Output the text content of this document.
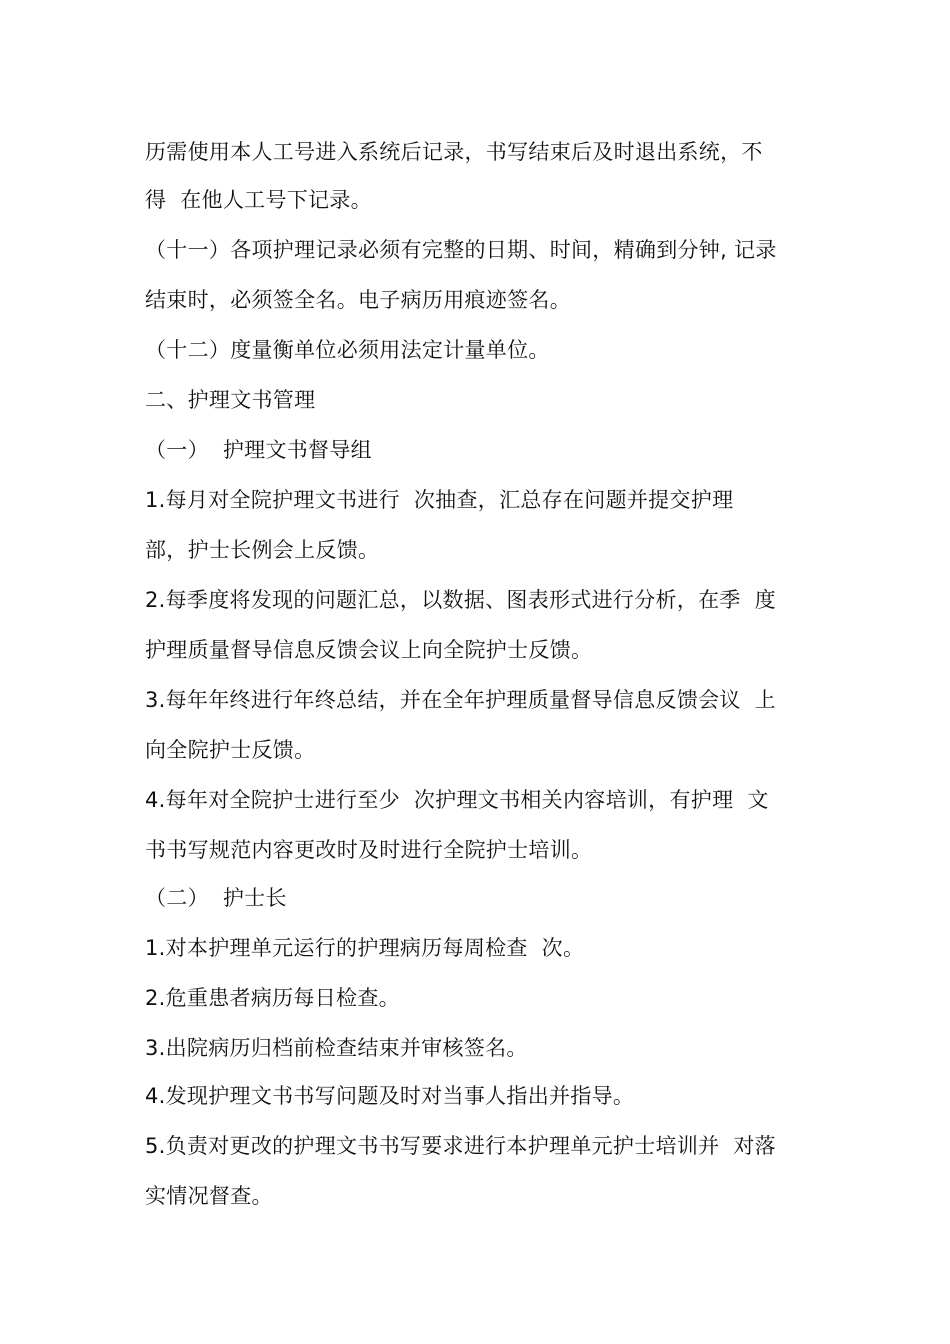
历需使用本人工号进入系统后记录，书写结束后及时退出系统，不
得  在他人工号下记录。
（十一）各项护理记录必须有完整的日期、时间，精确到分钟, 记录
结束时，必须签全名。电子病历用痕迹签名。
（十二）度量衡单位必须用法定计量单位。
二、护理文书管理
（一）  护理文书督导组
1.每月对全院护理文书进行  次抽查，汇总存在问题并提交护理
部，护士长例会上反馈。
2.每季度将发现的问题汇总，以数据、图表形式进行分析，在季  度
护理质量督导信息反馈会议上向全院护士反馈。
3.每年年终进行年终总结，并在全年护理质量督导信息反馈会议  上
向全院护士反馈。
4.每年对全院护士进行至少  次护理文书相关内容培训，有护理  文
书书写规范内容更改时及时进行全院护士培训。
（二）  护士长
1.对本护理单元运行的护理病历每周检查  次。
2.危重患者病历每日检查。
3.出院病历归档前检查结束并审核签名。
4.发现护理文书书写问题及时对当事人指出并指导。
5.负责对更改的护理文书书写要求进行本护理单元护士培训并  对落
实情况督查。
